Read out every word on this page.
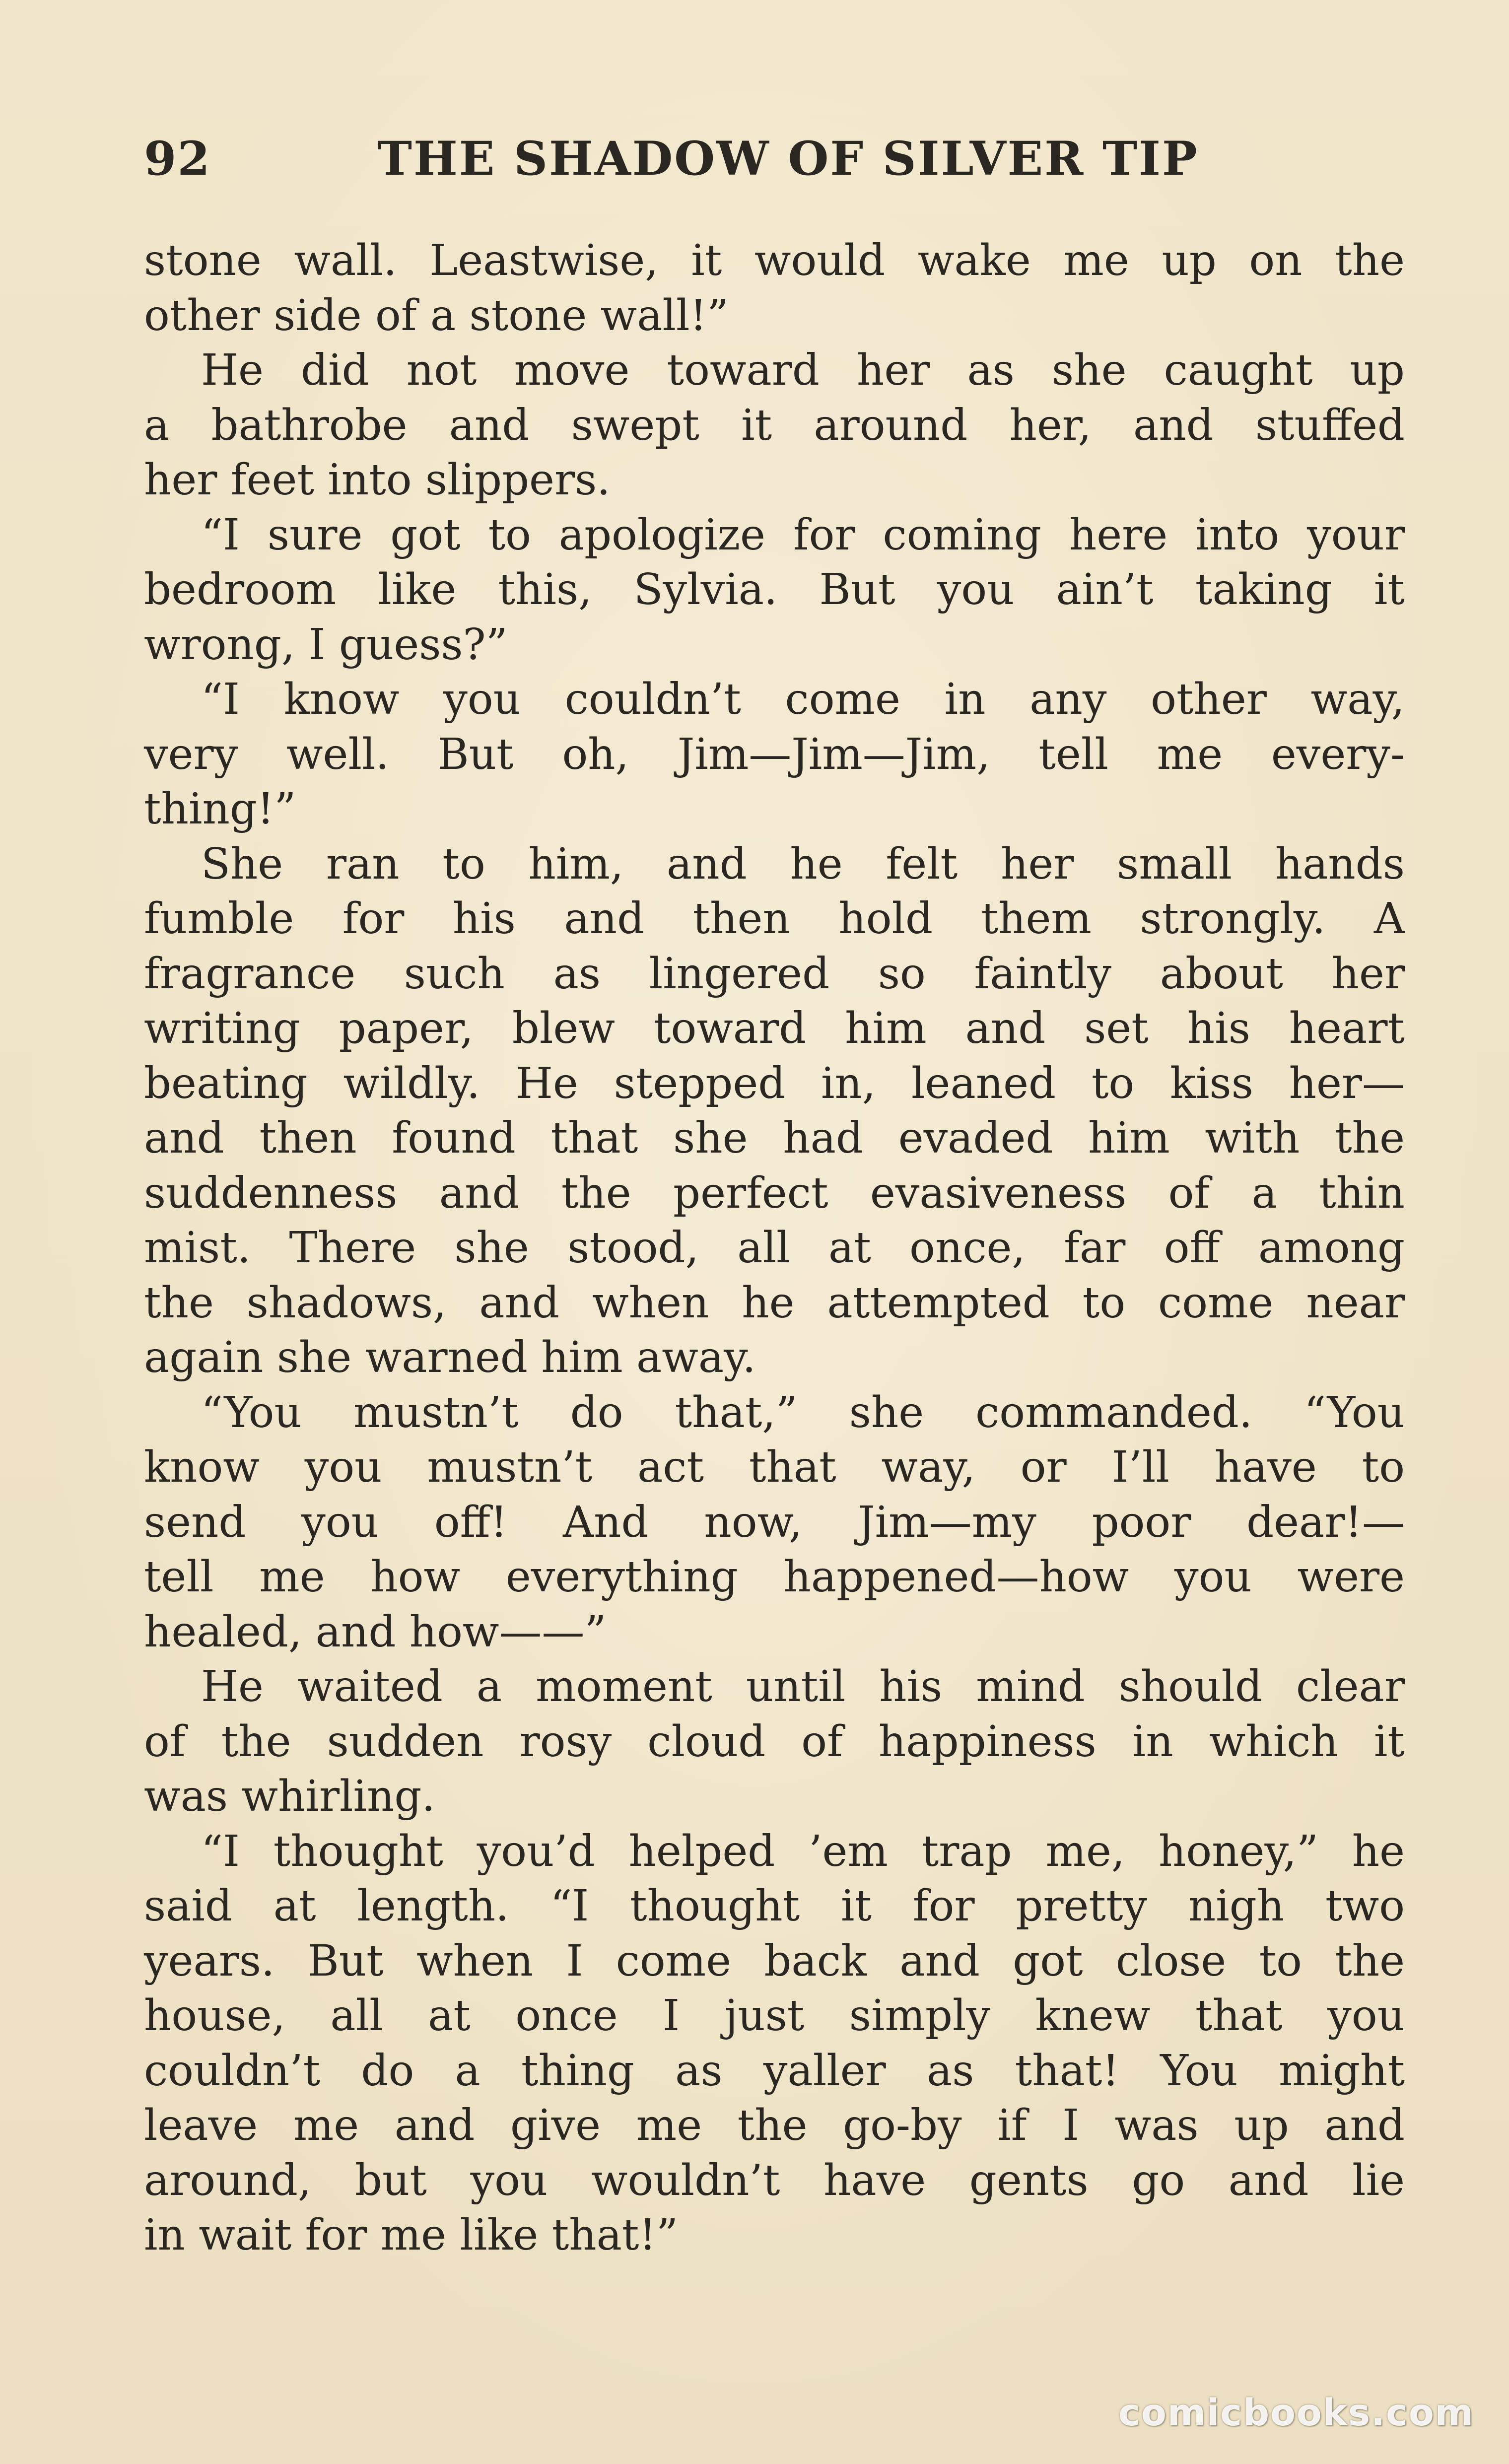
92	THE SHADOW OF SILVER TIP
stone wall. Leastwise, it would wake me up on the
other side of a stone wall!”
He did not move toward her as she caught up
a bathrobe and swept it around her, and stuffed
her feet into slippers.
“I sure got to apologize for coming here into your
bedroom like this, Sylvia. But you ain’t taking it
wrong, I guess?”
“I know you couldn’t come in any other way,
very well. But oh, Jim—Jim—Jim, tell me every-
thing!”
She ran to him, and he felt her small hands
fumble for his and then hold them strongly. A
fragrance such as lingered so faintly about her
writing paper, blew toward him and set his heart
beating wildly. He stepped in, leaned to kiss her—
and then found that she had evaded him with the
suddenness and the perfect evasiveness of a thin
mist. There she stood, all at once, far off among
the shadows, and when he attempted to come near
again she warned him away.
“You mustn’t do that,” she commanded. “You
know you mustn’t act that way, or I’ll have to
send you off! And now, Jim—my poor dear!—
tell me how everything happened—how you were
healed, and how——”
He waited a moment until his mind should clear
of the sudden rosy cloud of happiness in which it
was whirling.
“I thought you’d helped ’em trap me, honey,” he
said at length. “I thought it for pretty nigh two
years. But when I come back and got close to the
house, all at once I just simply knew that you
couldn’t do a thing as yaller as that! You might
leave me and give me the go-by if I was up and
around, but you wouldn’t have gents go and lie
in wait for me like that!”
comicbooks.com
